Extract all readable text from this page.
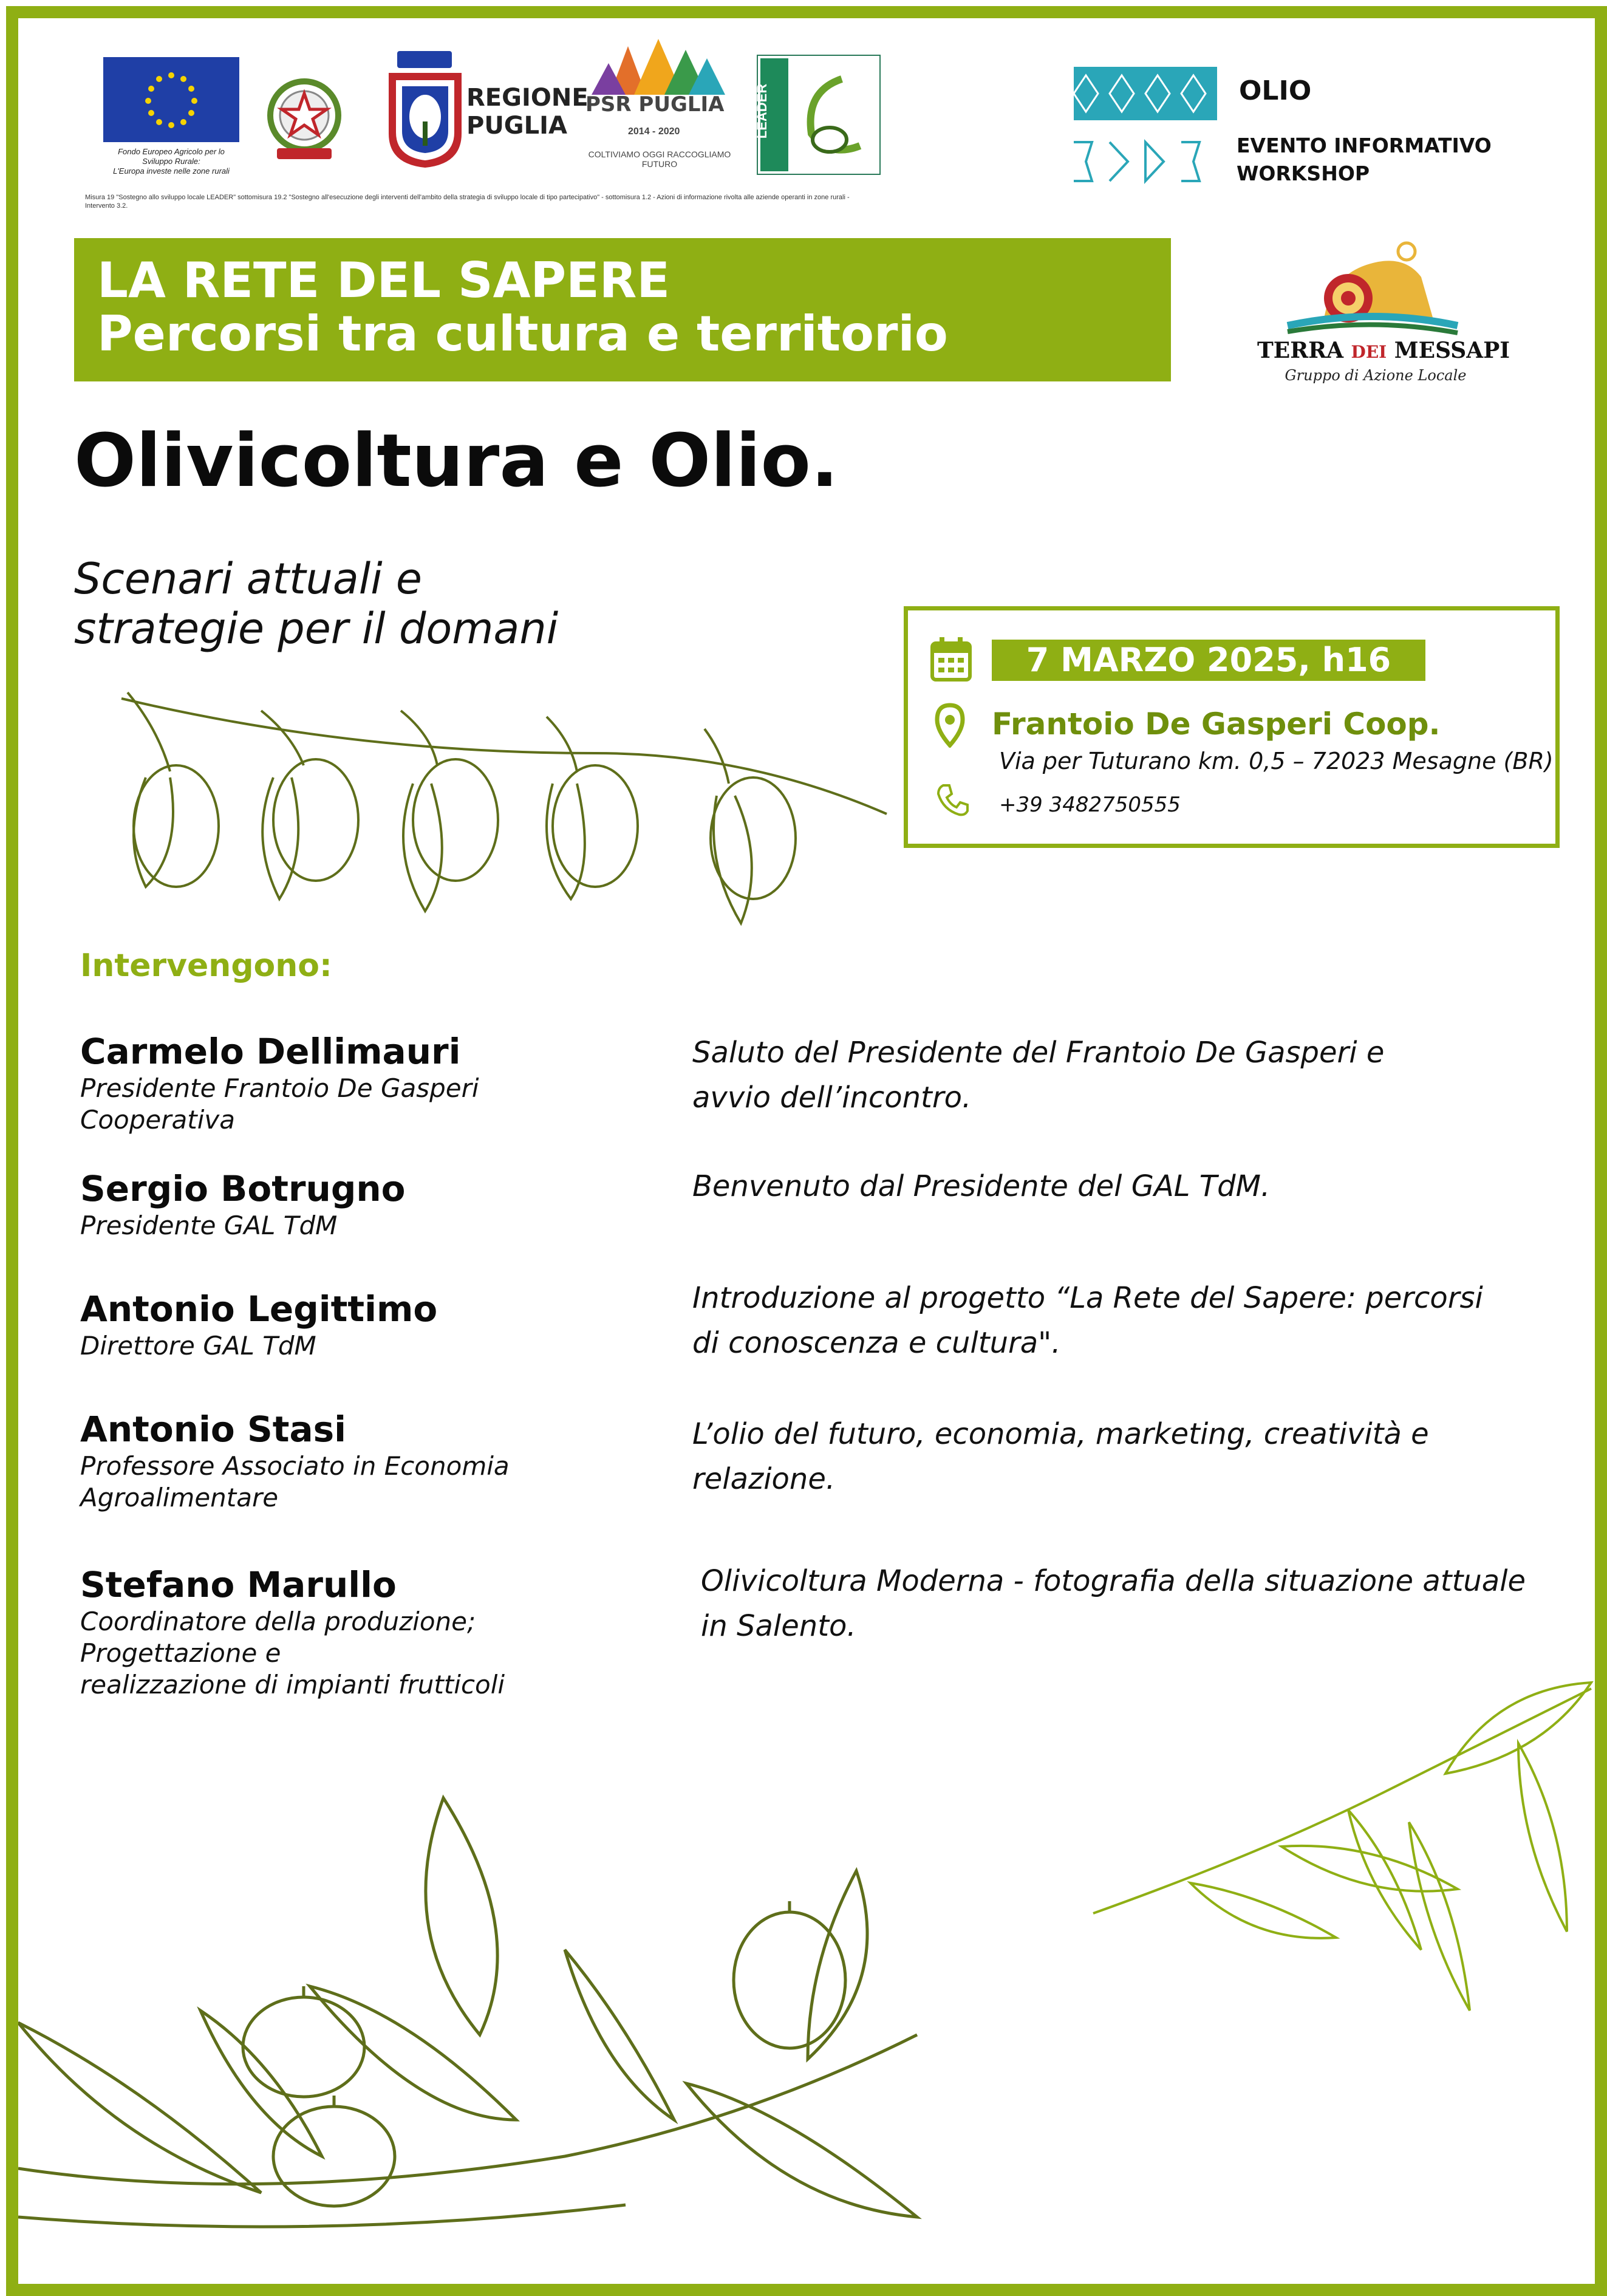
Fondo Europeo Agricolo per lo
Sviluppo Rurale:
L'Europa investe nelle zone rurali
REGIONE PUGLIA
PSR PUGLIA
2014 - 2020
COLTIVIAMO OGGI RACCOGLIAMO FUTURO
LEADER
Misura 19 "Sostegno allo sviluppo locale LEADER" sottomisura 19.2 "Sostegno all'esecuzione degli interventi dell'ambito della strategia di sviluppo locale di tipo partecipativo" - sottomisura 1.2 - Azioni di informazione rivolta alle aziende operanti in zone rurali - Intervento 3.2.
OLIO
EVENTO INFORMATIVO
WORKSHOP
LA RETE DEL SAPERE
Percorsi tra cultura e territorio	TERRA DEI MESSAPI
Gruppo di Azione Locale
Olivicoltura e Olio.
Scenari attuali e
strategie per il domani
7 MARZO 2025, h16
Frantoio De Gasperi Coop.
Via per Tuturano km. 0,5 – 72023 Mesagne (BR)
+39 3482750555
Intervengono:
Carmelo Dellimauri
Presidente Frantoio De Gasperi
Cooperativa
Saluto del Presidente del Frantoio De Gasperi e
avvio dell’incontro.
Sergio Botrugno
Presidente GAL TdM
Benvenuto dal Presidente del GAL TdM.
Antonio Legittimo
Direttore GAL TdM
Introduzione al progetto “La Rete del Sapere: percorsi
di conoscenza e cultura".
Antonio Stasi
Professore Associato in Economia
Agroalimentare
L’olio del futuro, economia, marketing, creatività e
relazione.
Stefano Marullo
Coordinatore della produzione;
Progettazione e
realizzazione di impianti frutticoli
Olivicoltura Moderna - fotografia della situazione attuale
in Salento.
